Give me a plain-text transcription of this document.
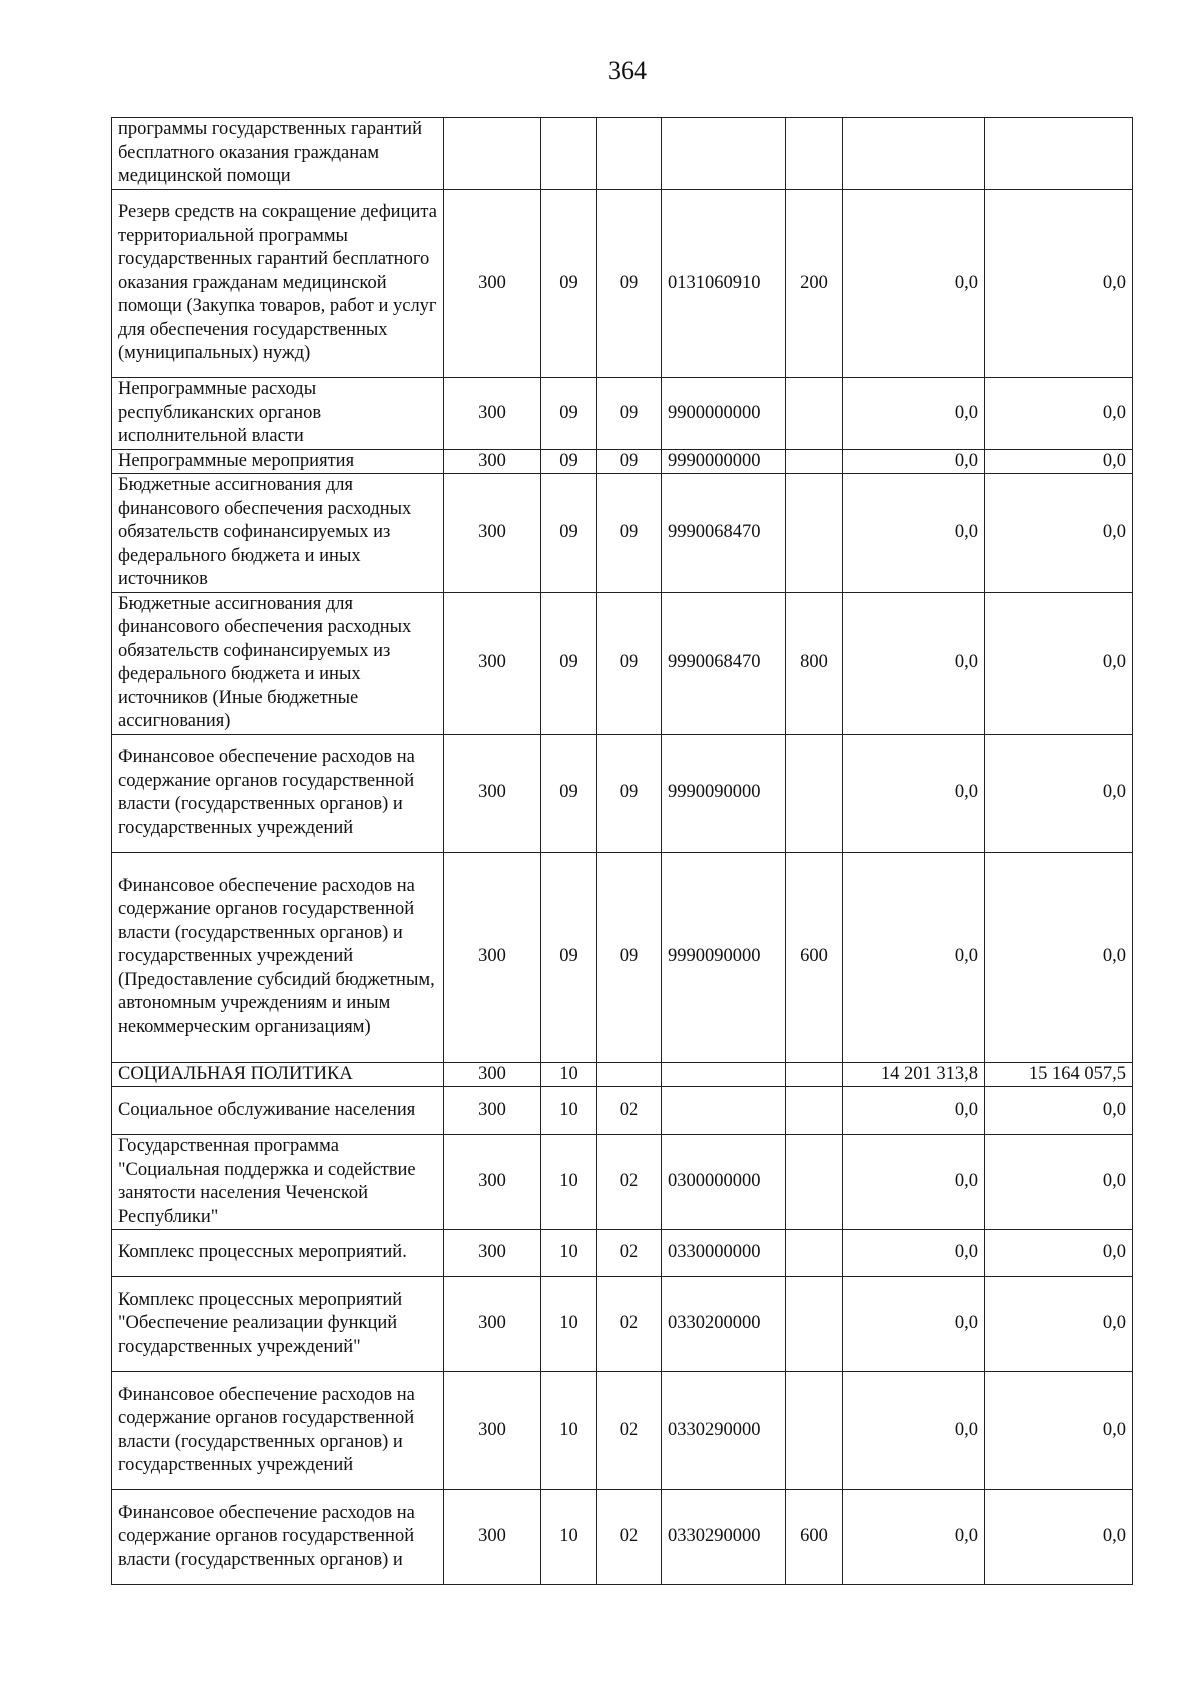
364
программы государственных гарантий бесплатного оказания гражданам медицинской помощи							
Резерв средств на сокращение дефицита территориальной программы государственных гарантий бесплатного оказания гражданам медицинской помощи (Закупка товаров, работ и услуг для обеспечения государственных (муниципальных) нужд)	300	09	09	0131060910	200	0,0	0,0
Непрограммные расходы республиканских органов исполнительной власти	300	09	09	9900000000		0,0	0,0
Непрограммные мероприятия	300	09	09	9990000000		0,0	0,0
Бюджетные ассигнования для финансового обеспечения расходных обязательств софинансируемых из федерального бюджета и иных источников	300	09	09	9990068470		0,0	0,0
Бюджетные ассигнования для финансового обеспечения расходных обязательств софинансируемых из федерального бюджета и иных источников (Иные бюджетные ассигнования)	300	09	09	9990068470	800	0,0	0,0
Финансовое обеспечение расходов на содержание органов государственной власти (государственных органов) и государственных учреждений	300	09	09	9990090000		0,0	0,0
Финансовое обеспечение расходов на содержание органов государственной власти (государственных органов) и государственных учреждений (Предоставление субсидий бюджетным, автономным учреждениям и иным некоммерческим организациям)	300	09	09	9990090000	600	0,0	0,0
СОЦИАЛЬНАЯ ПОЛИТИКА	300	10				14 201 313,8	15 164 057,5
Социальное обслуживание населения	300	10	02			0,0	0,0
Государственная программа "Социальная поддержка и содействие занятости населения Чеченской Республики"	300	10	02	0300000000		0,0	0,0
Комплекс процессных мероприятий.	300	10	02	0330000000		0,0	0,0
Комплекс процессных мероприятий "Обеспечение реализации функций государственных учреждений"	300	10	02	0330200000		0,0	0,0
Финансовое обеспечение расходов на содержание органов государственной власти (государственных органов) и государственных учреждений	300	10	02	0330290000		0,0	0,0
Финансовое обеспечение расходов на содержание органов государственной власти (государственных органов) и	300	10	02	0330290000	600	0,0	0,0
